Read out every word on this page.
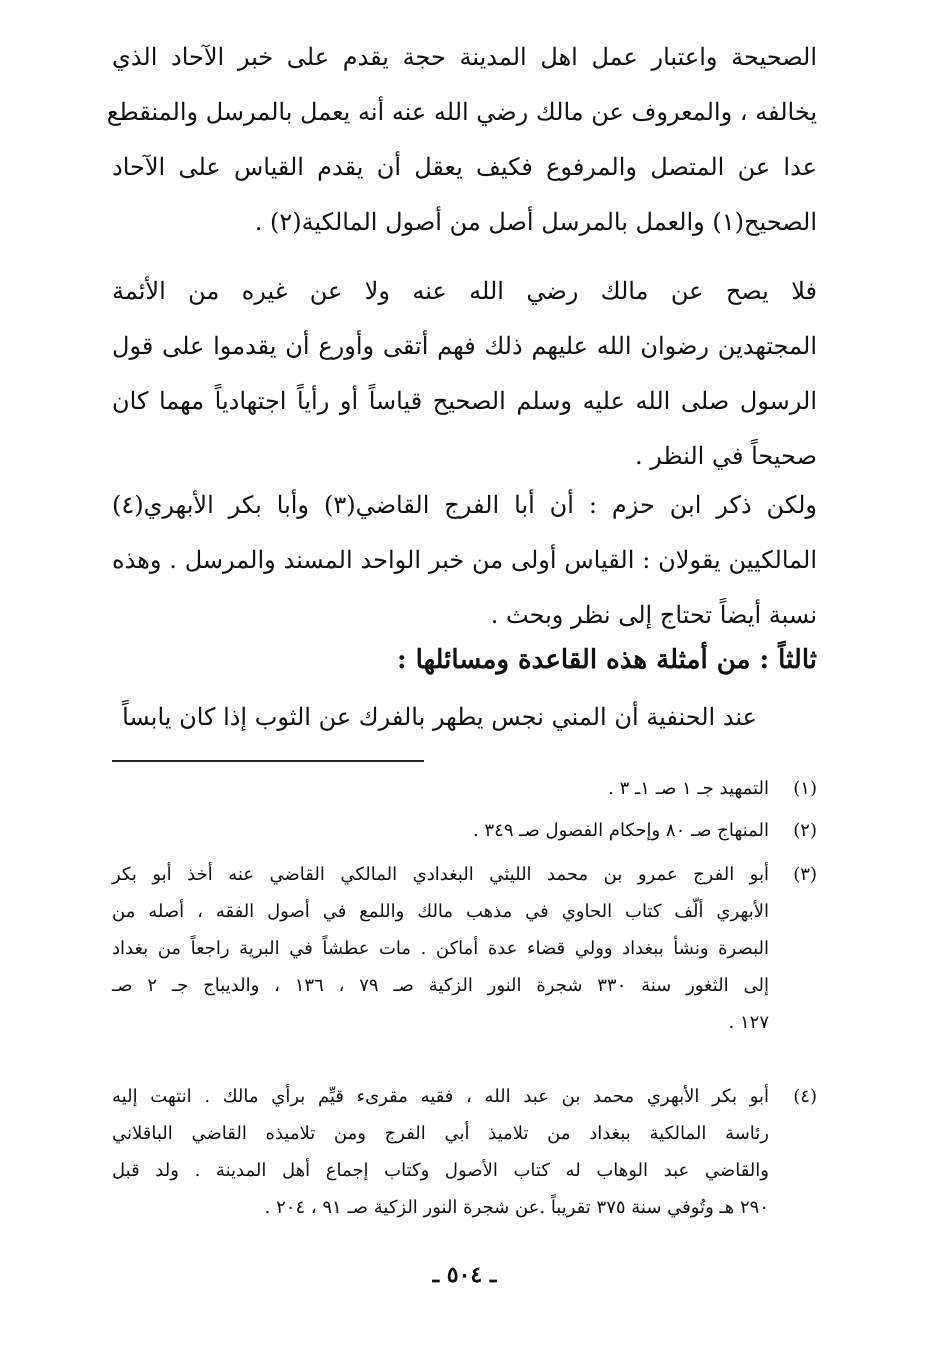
الصحيحة واعتبار عمل اهل المدينة حجة يقدم على خبر الآحاد الذي
يخالفه ، والمعروف عن مالك رضي الله عنه أنه يعمل بالمرسل والمنقطع
عدا عن المتصل والمرفوع فكيف يعقل أن يقدم القياس على الآحاد
الصحيح(١) والعمل بالمرسل أصل من أصول المالكية(٢) .

فلا يصح عن مالك رضي الله عنه ولا عن غيره من الأئمة
المجتهدين رضوان الله عليهم ذلك فهم أتقى وأورع أن يقدموا على قول
الرسول صلى الله عليه وسلم الصحيح قياساً أو رأياً اجتهادياً مهما كان
صحيحاً في النظر .

ولكن ذكر ابن حزم : أن أبا الفرج القاضي(٣) وأبا بكر الأبهري(٤)
المالكيين يقولان : القياس أولى من خبر الواحد المسند والمرسل . وهذه
نسبة أيضاً تحتاج إلى نظر وبحث .

ثالثاً : من أمثلة هذه القاعدة ومسائلها :

عند الحنفية أن المني نجس يطهر بالفرك عن الثوب إذا كان يابساً

(١)
التمهيد جـ ١ صـ ١ـ ٣ .
(٢)
المنهاج صـ ٨٠ وإحكام الفصول صـ ٣٤٩ .
(٣)
أبو الفرج عمرو بن محمد الليثي البغدادي المالكي القاضي عنه أخذ أبو بكر
الأبهري ألّف كتاب الحاوي في مذهب مالك واللمع في أصول الفقه ، أصله من
البصرة ونشأ ببغداد وولي قضاء عدة أماكن . مات عطشاً في البرية راجعاً من بغداد
إلى الثغور سنة ٣٣٠ شجرة النور الزكية صـ ٧٩ ، ١٣٦ ، والديباج جـ ٢ صـ
١٢٧ .
(٤)
أبو بكر الأبهري محمد بن عبد الله ، فقيه مقرىء قيِّم برأي مالك . انتهت إليه
رئاسة المالكية ببغداد من تلاميذ أبي الفرج ومن تلاميذه القاضي الباقلاني
والقاضي عبد الوهاب له كتاب الأصول وكتاب إجماع أهل المدينة . ولد قبل
٢٩٠ هـ وتُوفي سنة ٣٧٥ تقريباً .عن شجرة النور الزكية صـ ٩١ ، ٢٠٤ .
ـ ٥٠٤ ـ
